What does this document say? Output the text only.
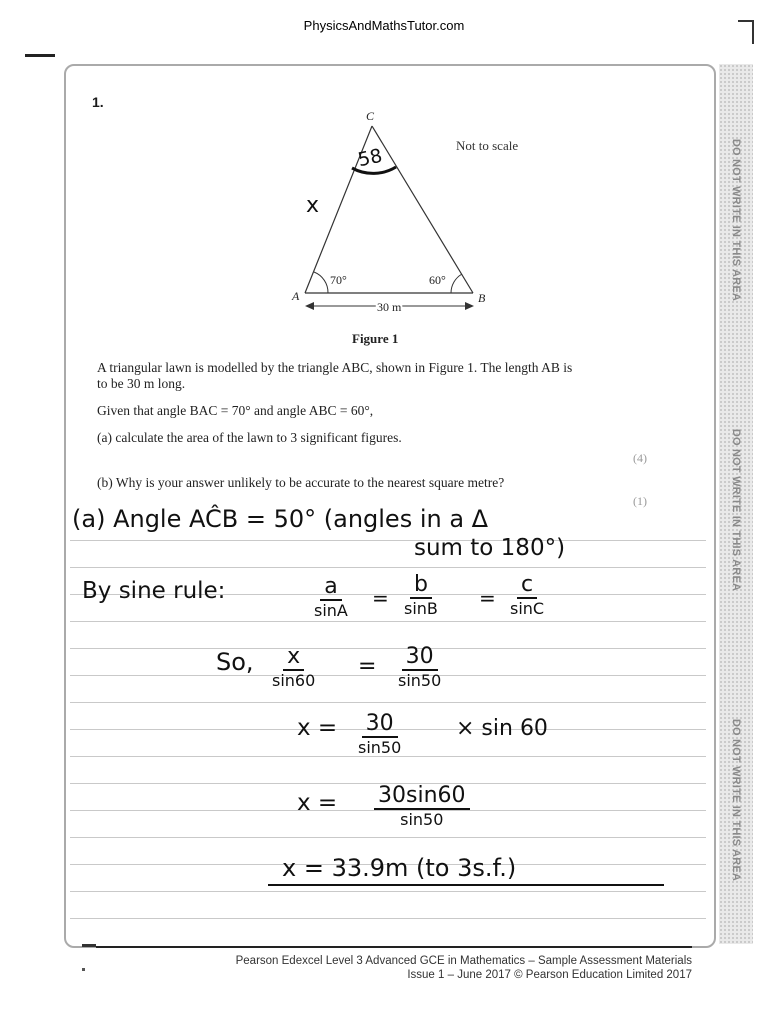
PhysicsAndMathsTutor.com
DO NOT WRITE IN THIS AREA
DO NOT WRITE IN THIS AREA
DO NOT WRITE IN THIS AREA
1.
C
A	B
70°	60°
30 m
58
x
Not to scale
Figure 1
A triangular lawn is modelled by the triangle ABC, shown in Figure 1. The length AB is
to be 30 m long.
Given that angle BAC = 70° and angle ABC = 60°,
(a) calculate the area of the lawn to 3 significant figures.
(4)
(b) Why is your answer unlikely to be accurate to the nearest square metre?
(1)
(a) Angle AĈB = 50° (angles in a Δ
sum to 180°)
By sine rule:	a
sinA
=
b
sinB =
c
sinC
So, x
sin60
= 30
sin50
x = 30
sin50
× sin 60
x = 30sin60
sin50
x = 33.9m (to 3s.f.)
Pearson Edexcel Level 3 Advanced GCE in Mathematics – Sample Assessment Materials
Issue 1 – June 2017 © Pearson Education Limited 2017
